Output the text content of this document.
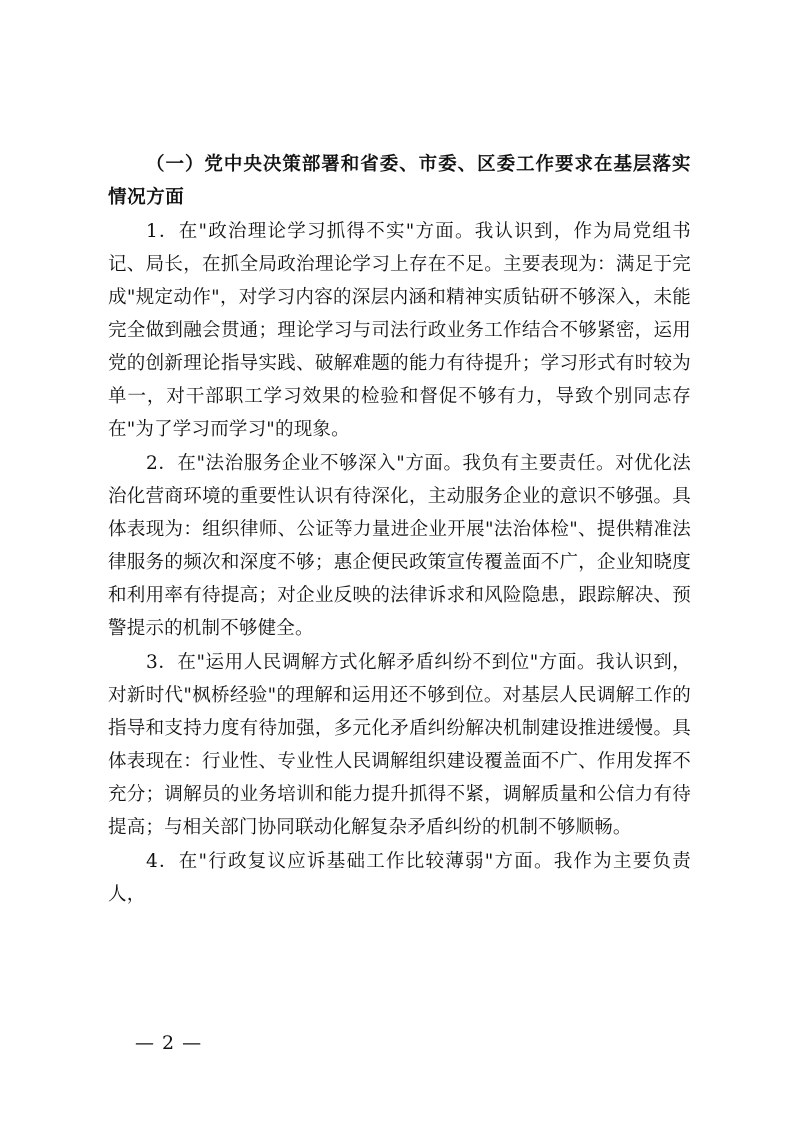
（一）党中央决策部署和省委、市委、区委工作要求在基层落实情况方面

1．在"政治理论学习抓得不实"方面。我认识到，作为局党组书记、局长，在抓全局政治理论学习上存在不足。主要表现为：满足于完成"规定动作"，对学习内容的深层内涵和精神实质钻研不够深入，未能完全做到融会贯通；理论学习与司法行政业务工作结合不够紧密，运用党的创新理论指导实践、破解难题的能力有待提升；学习形式有时较为单一，对干部职工学习效果的检验和督促不够有力，导致个别同志存在"为了学习而学习"的现象。

2．在"法治服务企业不够深入"方面。我负有主要责任。对优化法治化营商环境的重要性认识有待深化，主动服务企业的意识不够强。具体表现为：组织律师、公证等力量进企业开展"法治体检"、提供精准法律服务的频次和深度不够；惠企便民政策宣传覆盖面不广，企业知晓度和利用率有待提高；对企业反映的法律诉求和风险隐患，跟踪解决、预警提示的机制不够健全。

3．在"运用人民调解方式化解矛盾纠纷不到位"方面。我认识到，对新时代"枫桥经验"的理解和运用还不够到位。对基层人民调解工作的指导和支持力度有待加强，多元化矛盾纠纷解决机制建设推进缓慢。具体表现在：行业性、专业性人民调解组织建设覆盖面不广、作用发挥不充分；调解员的业务培训和能力提升抓得不紧，调解质量和公信力有待提高；与相关部门协同联动化解复杂矛盾纠纷的机制不够顺畅。

4．在"行政复议应诉基础工作比较薄弱"方面。我作为主要负责人，

— 2 —
